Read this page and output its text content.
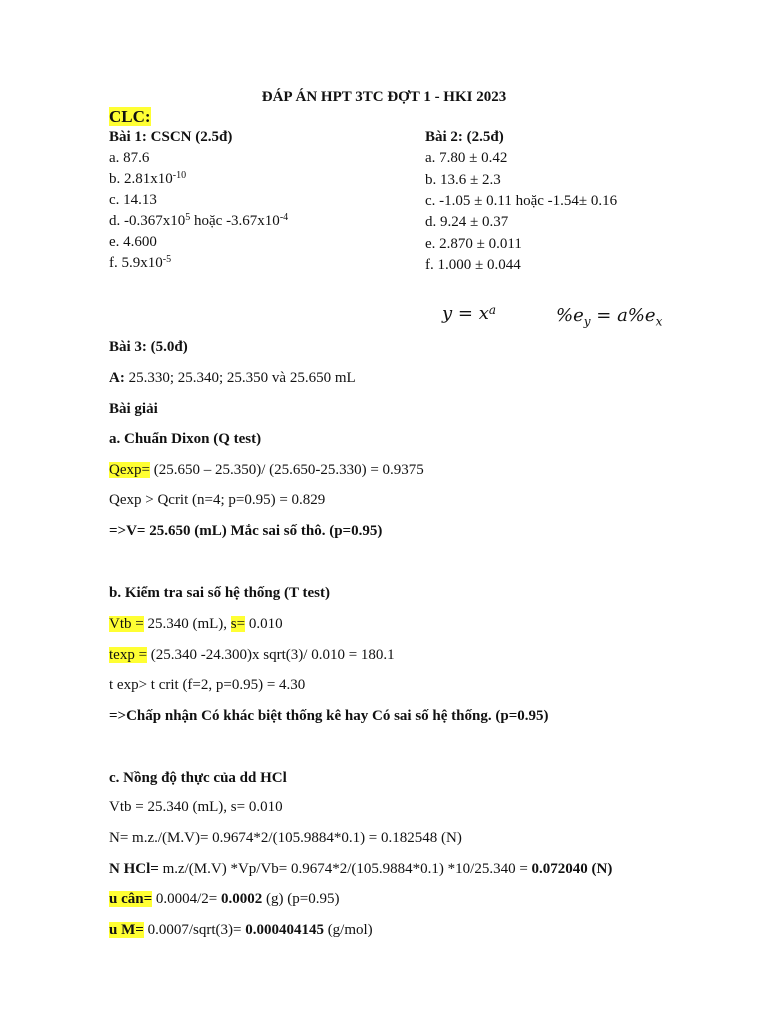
ĐÁP ÁN HPT 3TC ĐỢT 1 - HKI 2023
CLC:
Bài 1: CSCN (2.5đ)
a. 87.6
b. $2.81x10^{-10}$
c. 14.13
d. $-0.367x10^5$ hoặc $-3.67x10^{-4}$
e. 4.600
f. $5.9x10^{-5}$
Bài 2: (2.5đ)
a. 7.80 ± 0.42
b. 13.6 ± 2.3
c. -1.05 ± 0.11 hoặc -1.54± 0.16
d. 9.24 ± 0.37
e. 2.870 ± 0.011
f. 1.000 ± 0.044
$y = x^a$	$\%e_y = a\%e_x$
Bài 3: (5.0đ)
A: 25.330; 25.340; 25.350 và 25.650 mL
Bài giải
a. Chuẩn Dixon (Q test)
Qexp= (25.650 – 25.350)/ (25.650-25.330) = 0.9375
Qexp > Qcrit (n=4; p=0.95) = 0.829
=>V= 25.650 (mL) Mắc sai số thô. (p=0.95)
b. Kiểm tra sai số hệ thống (T test)
Vtb = 25.340 (mL), s= 0.010
texp = (25.340 -24.300)x sqrt(3)/ 0.010 = 180.1
t exp> t crit (f=2, p=0.95) = 4.30
=>Chấp nhận Có khác biệt thống kê hay Có sai số hệ thống. (p=0.95)
c. Nồng độ thực của dd HCl
Vtb = 25.340 (mL), s= 0.010
N= m.z./(M.V)= 0.9674*2/(105.9884*0.1) = 0.182548 (N)
N HCl= m.z/(M.V) *Vp/Vb= 0.9674*2/(105.9884*0.1) *10/25.340 = 0.072040 (N)
u cân= 0.0004/2= 0.0002 (g) (p=0.95)
u M= 0.0007/sqrt(3)= 0.000404145 (g/mol)
